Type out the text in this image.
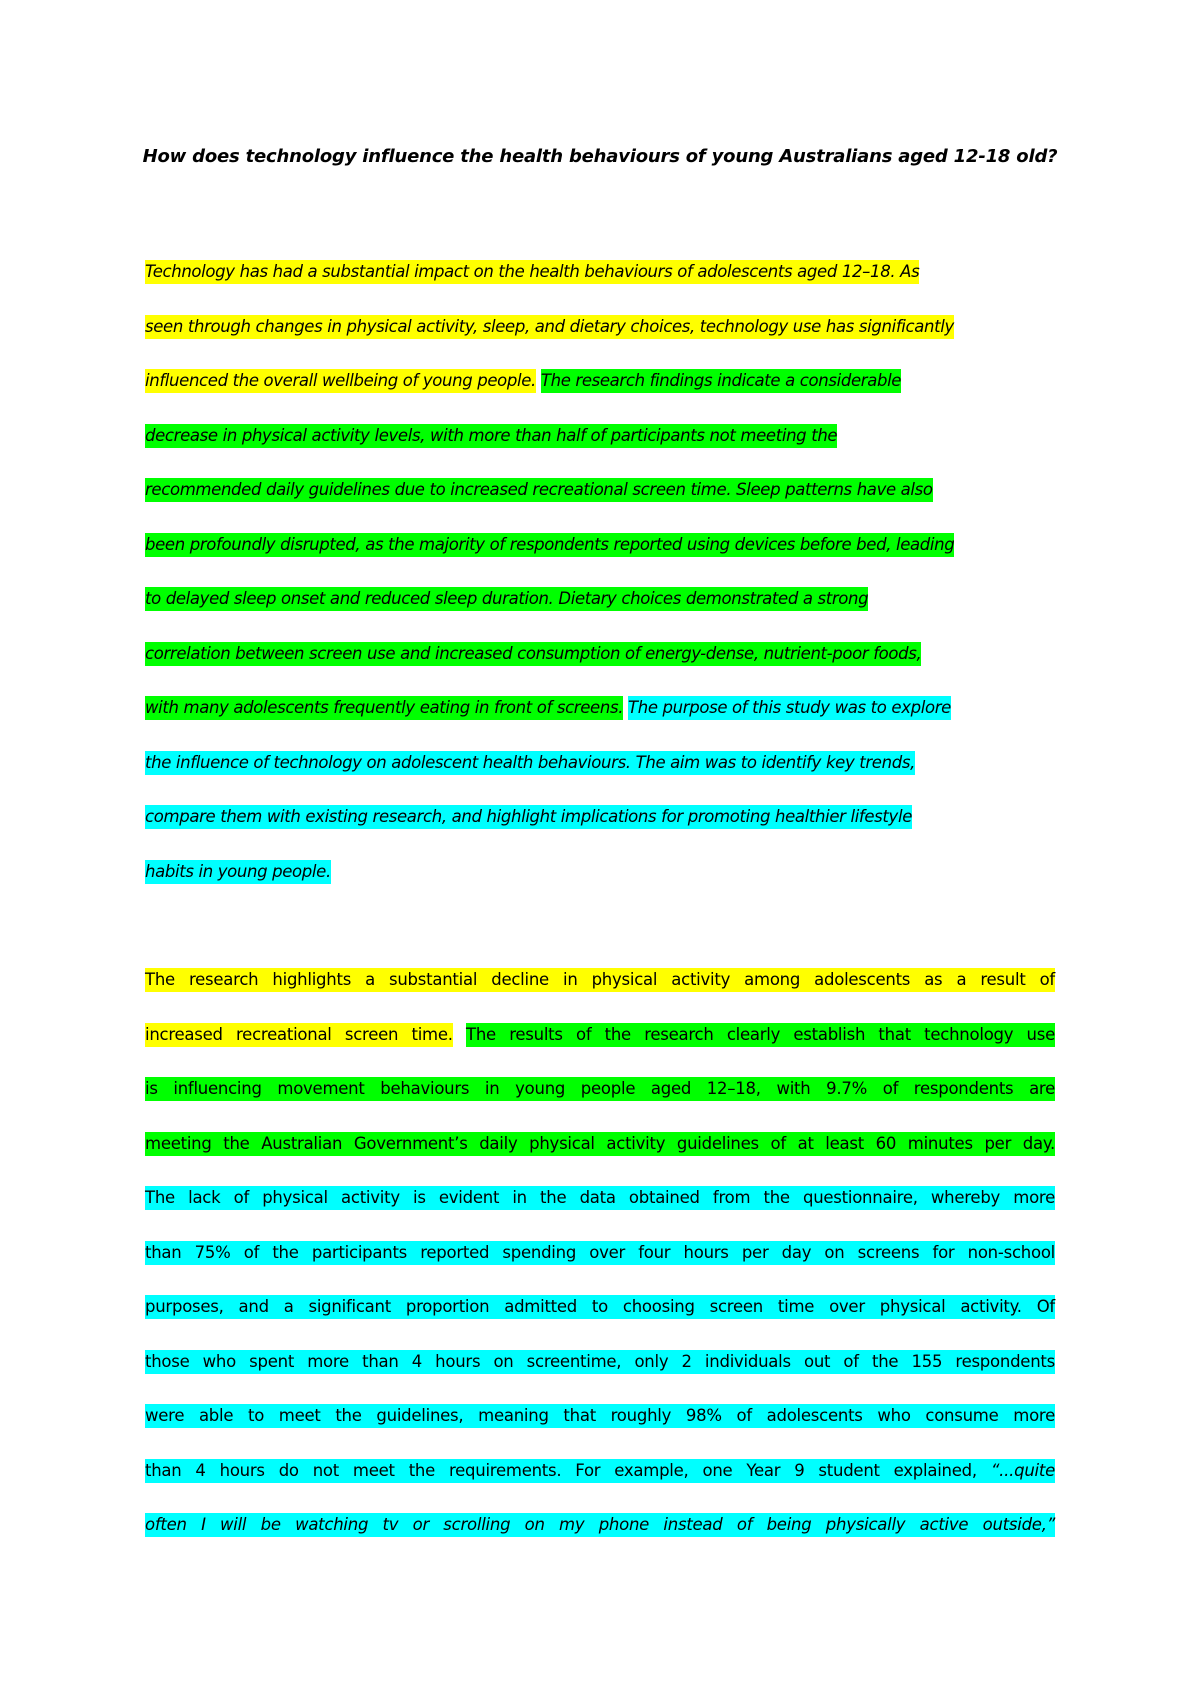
How does technology influence the health behaviours of young Australians aged 12-18 old?
Technology has had a substantial impact on the health behaviours of adolescents aged 12–18. As
seen through changes in physical activity, sleep, and dietary choices, technology use has significantly
influenced the overall wellbeing of young people. The research findings indicate a considerable
decrease in physical activity levels, with more than half of participants not meeting the
recommended daily guidelines due to increased recreational screen time. Sleep patterns have also
been profoundly disrupted, as the majority of respondents reported using devices before bed, leading
to delayed sleep onset and reduced sleep duration. Dietary choices demonstrated a strong
correlation between screen use and increased consumption of energy-dense, nutrient-poor foods,
with many adolescents frequently eating in front of screens. The purpose of this study was to explore
the influence of technology on adolescent health behaviours. The aim was to identify key trends,
compare them with existing research, and highlight implications for promoting healthier lifestyle
habits in young people.
The research highlights a substantial decline in physical activity among adolescents as a result of
increased recreational screen time. The results of the research clearly establish that technology use
is influencing movement behaviours in young people aged 12–18, with 9.7% of respondents are
meeting the Australian Government’s daily physical activity guidelines of at least 60 minutes per day.
The lack of physical activity is evident in the data obtained from the questionnaire, whereby more
than 75% of the participants reported spending over four hours per day on screens for non-school
purposes, and a significant proportion admitted to choosing screen time over physical activity. Of
those who spent more than 4 hours on screentime, only 2 individuals out of the 155 respondents
were able to meet the guidelines, meaning that roughly 98% of adolescents who consume more
than 4 hours do not meet the requirements. For example, one Year 9 student explained, “...quite
often I will be watching tv or scrolling on my phone instead of being physically active outside,”
